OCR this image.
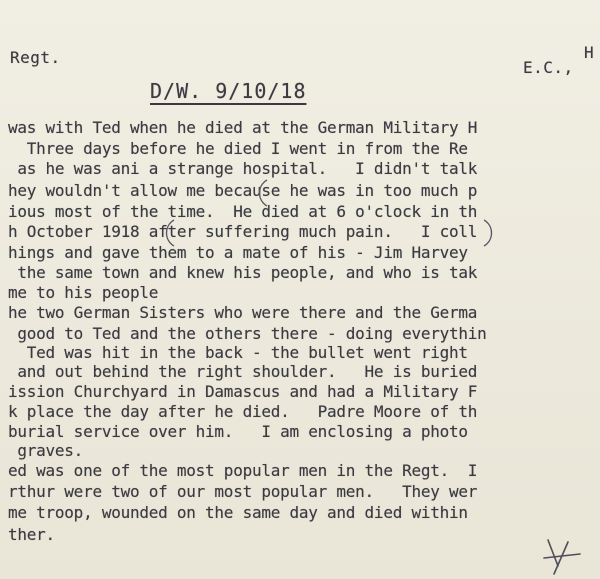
Regt.
E.C.,
H
D/W. 9/10/18
was with Ted when he died at the German Military H
Three days before he died I went in from the Re
as he was ani a strange hospital.   I didn't talk
hey wouldn't allow me because he was in too much p
ious most of the time.  He died at 6 o'clock in th
h October 1918 after suffering much pain.   I coll
hings and gave them to a mate of his - Jim Harvey
the same town and knew his people, and who is tak
me to his people
he two German Sisters who were there and the Germa
good to Ted and the others there - doing everythin
Ted was hit in the back - the bullet went right
and out behind the right shoulder.   He is buried
ission Churchyard in Damascus and had a Military F
k place the day after he died.   Padre Moore of th
burial service over him.   I am enclosing a photo
graves.
ed was one of the most popular men in the Regt.  I
rthur were two of our most popular men.   They wer
me troop, wounded on the same day and died within
ther.
